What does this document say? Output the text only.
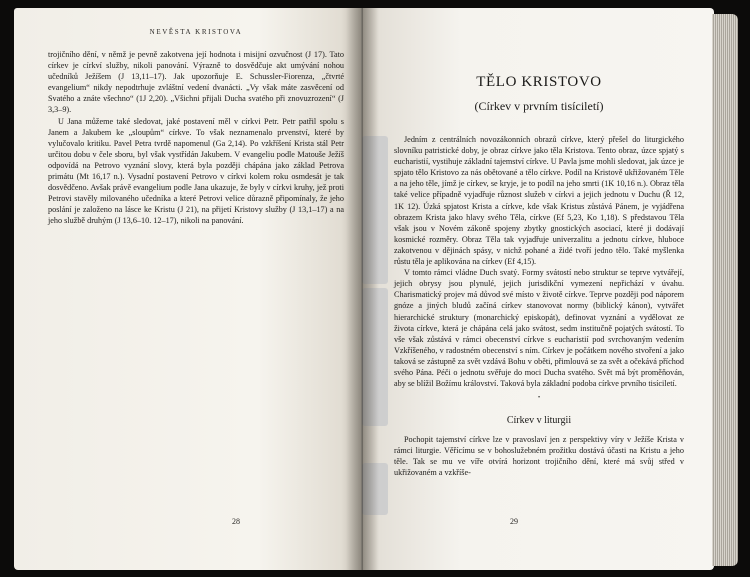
NEVĚSTA KRISTOVA

trojičního dění, v němž je pevně zakotvena její hodnota i misijní ozvučnost (J 17). Tato církev je církví služby, nikoli panování. Výrazně to dosvědčuje akt umývání nohou učedníků Ježíšem (J 13,11–17). Jak upozorňuje E. Schussler-Fiorenza, „čtvrté evangelium“ nikdy nepodtrhuje zvláštní vedení dvanácti. „Vy však máte zasvěcení od Svatého a znáte všechno“ (1J 2,20). „Všichni přijali Ducha svatého při znovuzrození“ (J 3,3–9).

U Jana můžeme také sledovat, jaké postavení měl v církvi Petr. Petr patřil spolu s Janem a Jakubem ke „sloupům“ církve. To však neznamenalo prvenství, které by vylučovalo kritiku. Pavel Petra tvrdě napomenul (Ga 2,14). Po vzkříšení Krista stál Petr určitou dobu v čele sboru, byl však vystřídán Jakubem. V evangeliu podle Matouše Ježíš odpovídá na Petrovo vyznání slovy, která byla později chápána jako základ Petrova primátu (Mt 16,17 n.). Vysadní postavení Petrovo v církvi kolem roku osmdesát je tak dosvědčeno. Avšak právě evangelium podle Jana ukazuje, že byly v církvi kruhy, jež proti Petrovi stavěly milovaného učedníka a které Petrovi velice důrazně připomínaly, že jeho poslání je založeno na lásce ke Kristu (J 21), na přijetí Kristovy služby (J 13,1–17) a na jeho službě druhým (J 13,6–10. 12–17), nikoli na panování.

28
TĚLO KRISTOVO
(Církev v prvním tisíciletí)

Jedním z centrálních novozákonních obrazů církve, který přešel do liturgického slovníku patristické doby, je obraz církve jako těla Kristova. Tento obraz, úzce spjatý s eucharistií, vystihuje základní tajemství církve. U Pavla jsme mohli sledovat, jak úzce je spjato tělo Kristovo za nás obětované a tělo církve. Podíl na Kristově ukřižovaném Těle a na jeho těle, jímž je církev, se kryje, je to podíl na jeho smrti (1K 10,16 n.). Obraz těla také velice případně vyjadřuje různost služeb v církvi a jejich jednotu v Duchu (Ř 12, 1K 12). Úzká spjatost Krista a církve, kde však Kristus zůstává Pánem, je vyjádřena obrazem Krista jako hlavy svého Těla, církve (Ef 5,23, Ko 1,18). S představou Těla však jsou v Novém zákoně spojeny zbytky gnostických asociací, které ji dodávají kosmické rozměry. Obraz Těla tak vyjadřuje univerzalitu a jednotu církve, hluboce zakotvenou v dějinách spásy, v nichž pohané a židé tvoří jedno tělo. Také myšlenka růstu těla je aplikována na církev (Ef 4,15).

V tomto rámci vládne Duch svatý. Formy svátostí nebo struktur se teprve vytvářejí, jejich obrysy jsou plynulé, jejich jurisdikční vymezení nepřichází v úvahu. Charismatický projev má důvod své místo v životě církve. Teprve později pod náporem gnóze a jiných bludů začíná církev stanovovat normy (biblický kánon), vytvářet hierarchické struktury (monarchický episkopát), definovat vyznání a vydělovat ze života církve, která je chápána celá jako svátost, sedm institučně pojatých svátostí. To vše však zůstává v rámci obecenství církve s eucharistií pod svrchovaným vedením Vzkříšeného, v radostném obecenství s ním. Církev je počátkem nového stvoření a jako taková se zástupně za svět vzdává Bohu v oběti, přimlouvá se za svět a očekává příchod svého Pána. Péči o jednotu svěřuje do moci Ducha svatého. Svět má být proměňován, aby se blížil Božímu království. Taková byla základní podoba církve prvního tisíciletí.

•
Církev v liturgii

Pochopit tajemství církve lze v pravoslaví jen z perspektivy víry v Ježíše Krista v rámci liturgie. Věřícímu se v bohoslužebném prožitku dostává účasti na Kristu a jeho těle. Tak se mu ve víře otvírá horizont trojičního dění, které má svůj střed v ukřižovaném a vzkříše-

29
